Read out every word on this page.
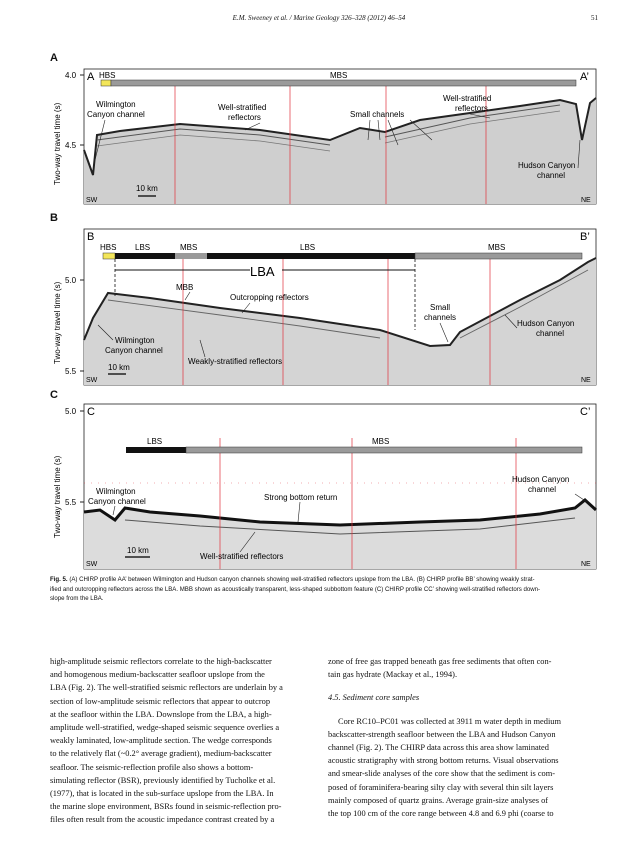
E.M. Sweeney et al. / Marine Geology 326–328 (2012) 46–54	51
A
B
C
HBS	MBS
4.0
4.5
A	A’
Wilmington
Canyon channel
Well-stratified
reflectors	Small channels
Well-stratified
reflectors
Hudson Canyon
channel
10 km
SW	NE
HBS LBS	MBS	LBS	MBS
LBA
5.0
5.5
B	B’
MBB
Outcropping reflectors
Small
channels
Hudson Canyon
channel
Wilmington
Canyon channel
Weakly-stratified reflectors
10 km
SW	NE
LBS	MBS
5.0
5.5
C	C’
Wilmington
Canyon channel	Strong bottom return
Hudson Canyon
channel
Well-stratified reflectors
10 km
SW	NE
Two-way travel time (s)
Two-way travel time (s)
Two-way travel time (s)
Fig. 5. (A) CHIRP profile AA’ between Wilmington and Hudson canyon channels showing well-stratified reflectors upslope from the LBA. (B) CHIRP profile BB’ showing weakly strat-
ified and outcropping reflectors across the LBA. MBB shown as acoustically transparent, less-shaped subbottom feature (C) CHIRP profile CC’ showing well-stratified reflectors down-
slope from the LBA.

high-amplitude seismic reflectors correlate to the high-backscatter

and homogenous medium-backscatter seafloor upslope from the

LBA (Fig. 2). The well-stratified seismic reflectors are underlain by a

section of low-amplitude seismic reflectors that appear to outcrop

at the seafloor within the LBA. Downslope from the LBA, a high-

amplitude well-stratified, wedge-shaped seismic sequence overlies a

weakly laminated, low-amplitude section. The wedge corresponds

to the relatively flat (~0.2° average gradient), medium-backscatter

seafloor. The seismic-reflection profile also shows a bottom-

simulating reflector (BSR), previously identified by Tucholke et al.

(1977), that is located in the sub-surface upslope from the LBA. In

the marine slope environment, BSRs found in seismic-reflection pro-

files often result from the acoustic impedance contrast created by a

zone of free gas trapped beneath gas free sediments that often con-

tain gas hydrate (Mackay et al., 1994).

4.5. Sediment core samples

Core RC10–PC01 was collected at 3911 m water depth in medium

backscatter-strength seafloor between the LBA and Hudson Canyon

channel (Fig. 2). The CHIRP data across this area show laminated

acoustic stratigraphy with strong bottom returns. Visual observations

and smear-slide analyses of the core show that the sediment is com-

posed of foraminifera-bearing silty clay with several thin silt layers

mainly composed of quartz grains. Average grain-size analyses of

the top 100 cm of the core range between 4.8 and 6.9 phi (coarse to
